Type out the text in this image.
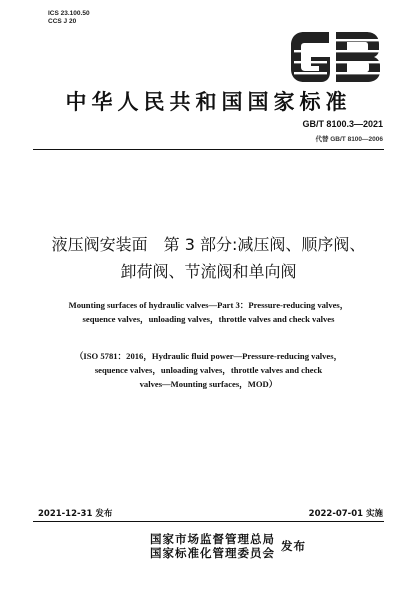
ICS 23.100.50
CCS J 20
中华人民共和国国家标准
GB/T 8100.3—2021
代替 GB/T 8100—2006
液压阀安装面　第 3 部分:减压阀、顺序阀、
卸荷阀、节流阀和单向阀
Mounting surfaces of hydraulic valves—Part 3：Pressure-reducing valves，
sequence valves，unloading valves，throttle valves and check valves
（ISO 5781：2016，Hydraulic fluid power—Pressure-reducing valves，
sequence valves，unloading valves，throttle valves and check
valves—Mounting surfaces，MOD）
2021-12-31 发布	2022-07-01 实施
国家市场监督管理总局
国家标准化管理委员会 发布
